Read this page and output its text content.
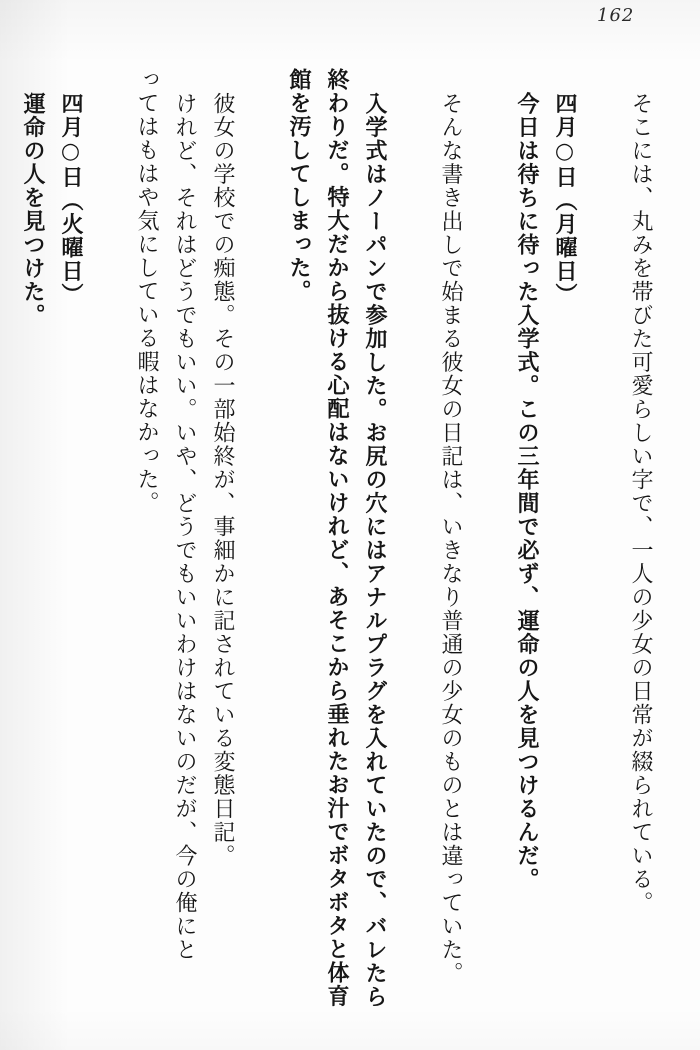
162
そこには、丸みを帯びた可愛らしい字で、一人の少女の日常が綴られている。
四月○日（月曜日）
今日は待ちに待った入学式。この三年間で必ず、運命の人を見つけるんだ。
そんな書き出しで始まる彼女の日記は、いきなり普通の少女のものとは違っていた。
入学式はノーパンで参加した。お尻の穴にはアナルプラグを入れていたので、バレたら
終わりだ。特大だから抜ける心配はないけれど、あそこから垂れたお汁でボタボタと体育
館を汚してしまった。
彼女の学校での痴態。その一部始終が、事細かに記されている変態日記。
けれど、それはどうでもいい。いや、どうでもいいわけはないのだが、今の俺にと
ってはもはや気にしている暇はなかった。
四月○日（火曜日）
運命の人を見つけた。
